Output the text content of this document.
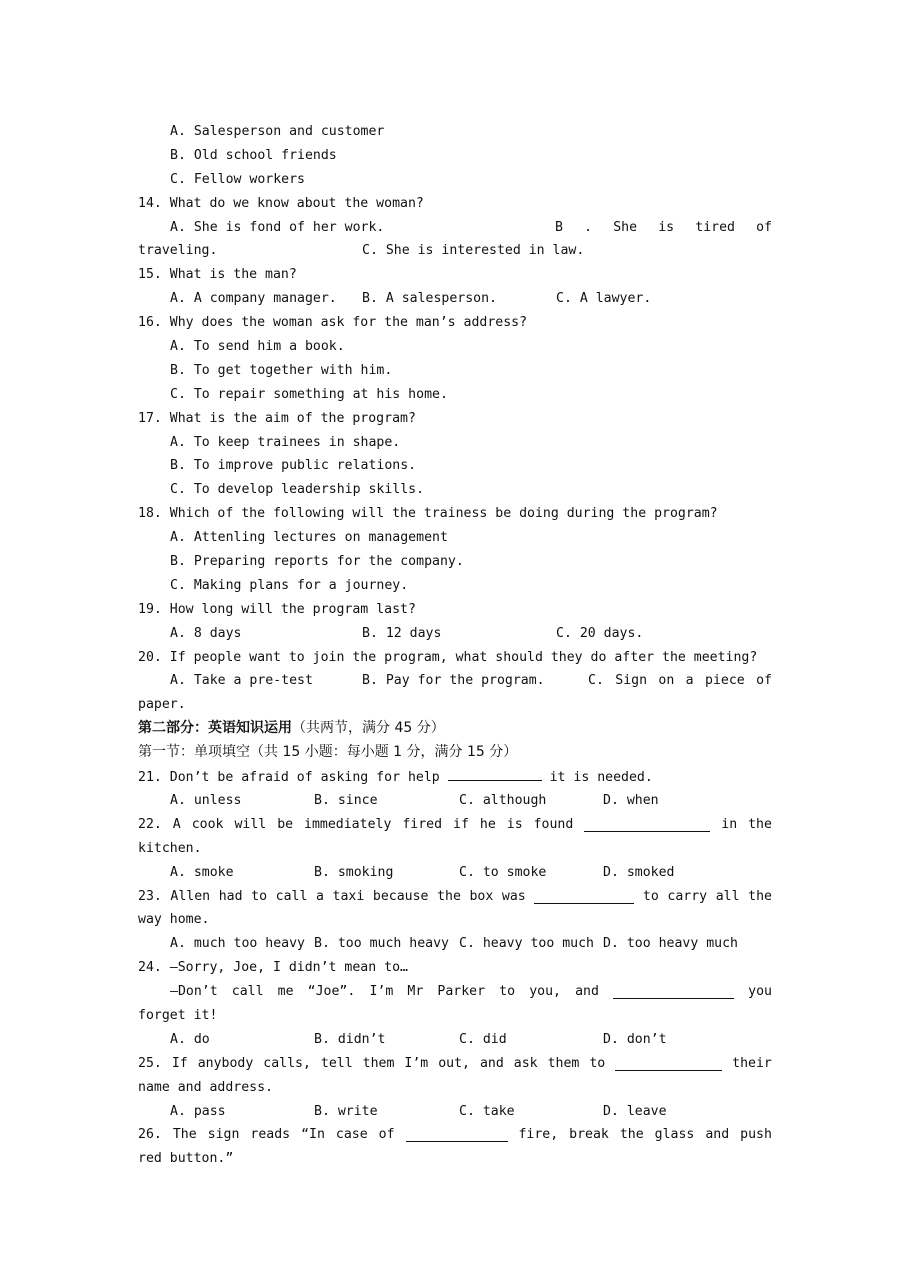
A. Salesperson and customer
B. Old school friends
C. Fellow workers
14. What do we know about the woman?
A. She is fond of her work.	B . She is tired of
traveling.	C. She is interested in law.
15. What is the man?
A. A company manager.	B. A salesperson.	C. A lawyer.
16. Why does the woman ask for the man’s address?
A. To send him a book.
B. To get together with him.
C. To repair something at his home.
17. What is the aim of the program?
A. To keep trainees in shape.
B. To improve public relations.
C. To develop leadership skills.
18. Which of the following will the trainess be doing during the program?
A. Attenling lectures on management
B. Preparing reports for the company.
C. Making plans for a journey.
19. How long will the program last?
A. 8 days	B. 12 days	C. 20 days.
20. If people want to join the program, what should they do after the meeting?
A. Take a pre-test	B. Pay for the program.	C. Sign on a piece of
paper.
第二部分：英语知识运用（共两节，满分 45 分）
第一节：单项填空（共 15 小题：每小题 1 分，满分 15 分）
21. Don’t be afraid of asking for help	it is needed.
A. unless	B. since	C. although	D. when
22. A cook will be immediately fired if he is found	in the
kitchen.
A. smoke	B. smoking	C. to smoke	D. smoked
23. Allen had to call a taxi because the box was	to carry all the
way home.
A. much too heavy B. too much heavy C. heavy too much D. too heavy much
24. —Sorry, Joe, I didn’t mean to…
—Don’t call me “Joe”. I’m Mr Parker to you, and	you
forget it!
A. do	B. didn’t	C. did	D. don’t
25. If anybody calls, tell them I’m out, and ask them to	their
name and address.
A. pass	B. write	C. take	D. leave
26. The sign reads “In case of	fire, break the glass and push
red button.”
